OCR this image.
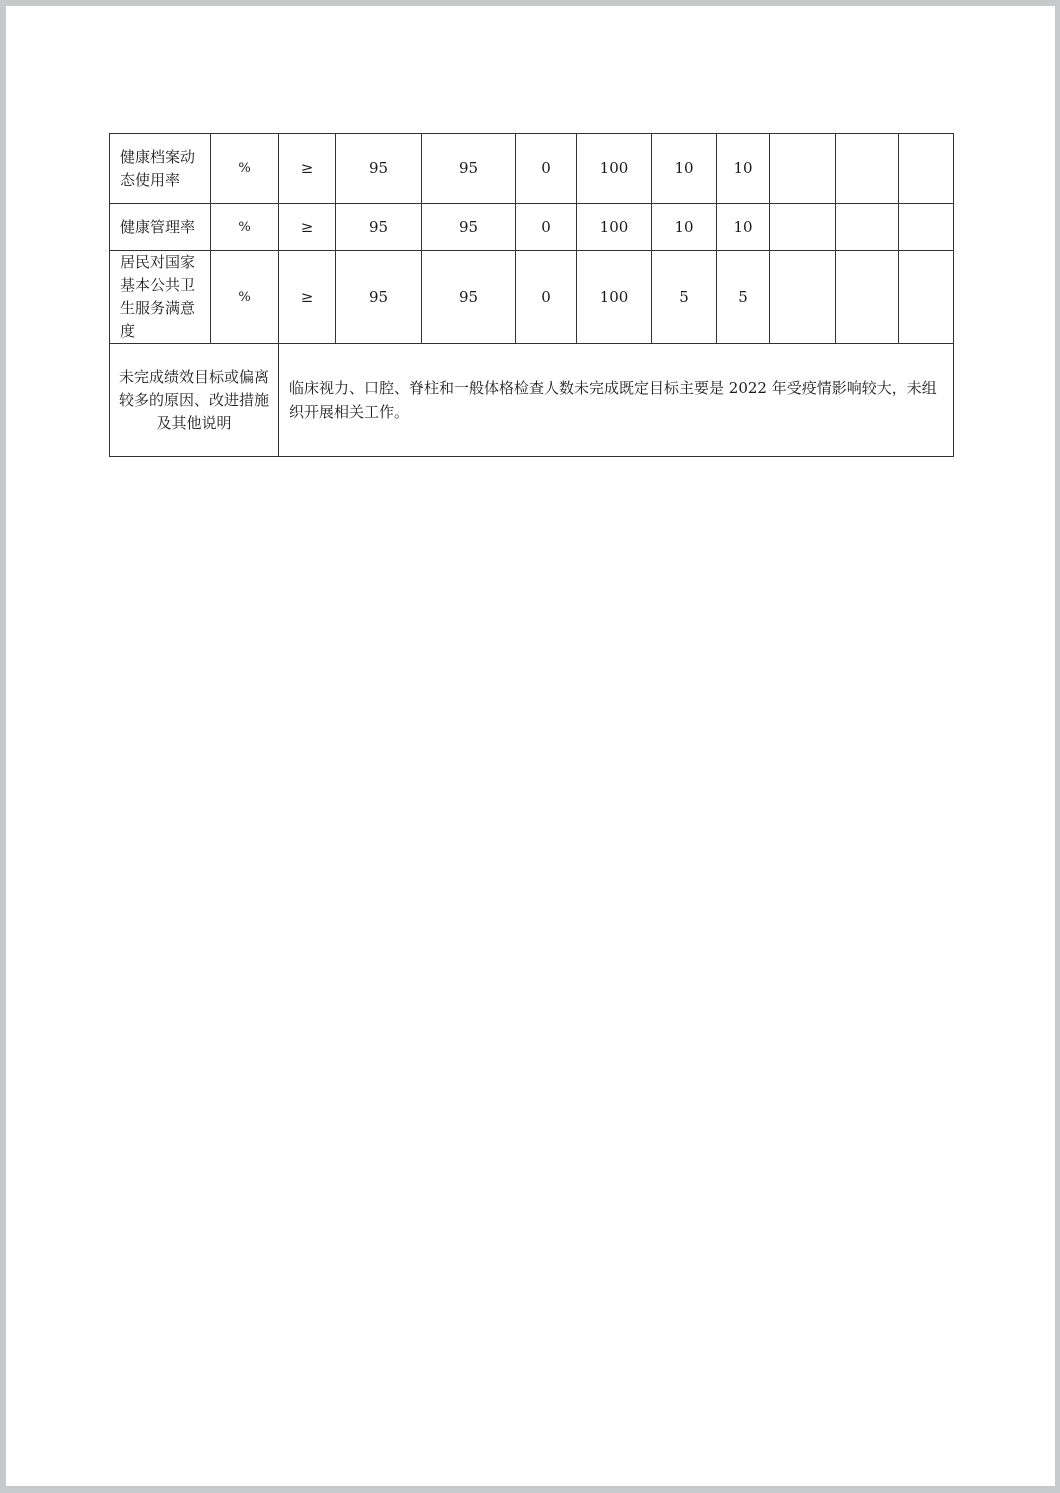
健康档案动态使用率	%	≥	95	95	0	100	10	10			
健康管理率	%	≥	95	95	0	100	10	10			
居民对国家基本公共卫生服务满意度	%	≥	95	95	0	100	5	5			
未完成绩效目标或偏离较多的原因、改进措施及其他说明		临床视力、口腔、脊柱和一般体格检查人数未完成既定目标主要是 2022 年受疫情影响较大，未组织开展相关工作。									
